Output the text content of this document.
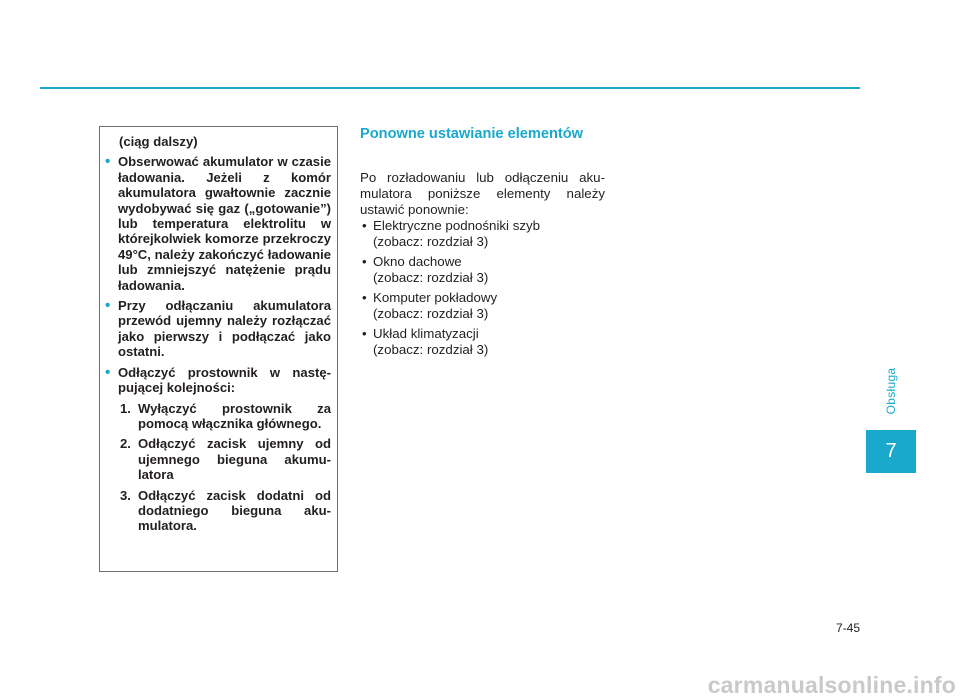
(ciąg dalszy)
• Obserwować akumulator w czasie ładowania. Jeżeli z komór akumulatora gwałtownie zacznie wydobywać się gaz („gotowanie”) lub temperatura elektrolitu w którejkolwiek komorze przekroczy 49°C, należy zakończyć ładowanie lub zmniejszyć natężenie prądu ładowania.
• Przy odłączaniu akumulatora przewód ujemny należy rozłączać jako pierwszy i podłączać jako ostatni.
• Odłączyć prostownik w następującej kolejności:
1. Wyłączyć prostownik za pomocą włącznika głównego.
2. Odłączyć zacisk ujemny od ujemnego bieguna akumulatora
3. Odłączyć zacisk dodatni od dodatniego bieguna akumulatora.
Ponowne ustawianie elementów

Po rozładowaniu lub odłączeniu akumulatora poniższe elementy należy ustawić ponownie:

• Elektryczne podnośniki szyb
(zobacz: rozdział 3)
• Okno dachowe
(zobacz: rozdział 3)
• Komputer pokładowy
(zobacz: rozdział 3)
• Układ klimatyzacji
(zobacz: rozdział 3)
Obsługa
7
7-45
carmanualsonline.info
